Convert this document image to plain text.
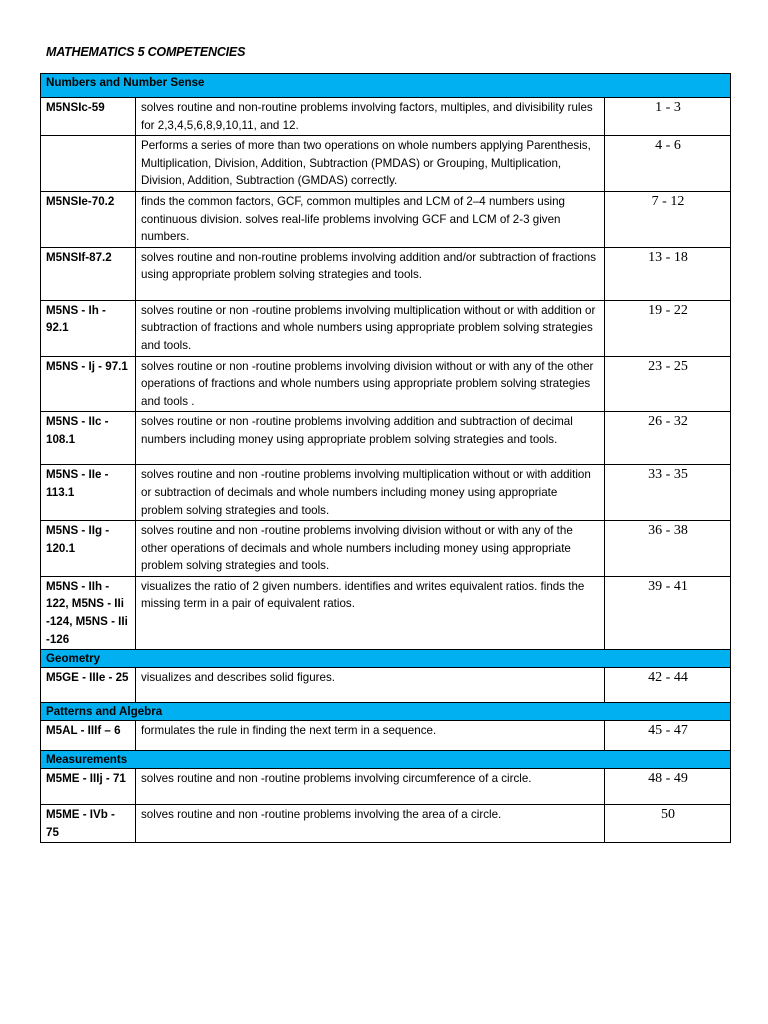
MATHEMATICS 5 COMPETENCIES
Numbers and Number Sense		
M5NSIc-59	solves routine and non-routine problems involving factors, multiples, and divisibility rules for 2,3,4,5,6,8,9,10,11, and 12.	1 - 3
	Performs a series of more than two operations on whole numbers applying Parenthesis, Multiplication, Division, Addition, Subtraction (PMDAS) or Grouping, Multiplication, Division, Addition, Subtraction (GMDAS) correctly.	4 - 6
M5NSIe-70.2	finds the common factors, GCF, common multiples and LCM of 2–4 numbers using continuous division. solves real-life problems involving GCF and LCM of 2-3 given numbers.	7 - 12
M5NSIf-87.2	solves routine and non-routine problems involving addition and/or subtraction of fractions using appropriate problem solving strategies and tools.	13 - 18
M5NS - Ih - 92.1	solves routine or non -routine problems involving multiplication without or with addition or subtraction of fractions and whole numbers using appropriate problem solving strategies and tools.	19 - 22
M5NS - Ij - 97.1	solves routine or non -routine problems involving division without or with any of the other operations of fractions and whole numbers using appropriate problem solving strategies and tools .	23 - 25
M5NS - IIc - 108.1	solves routine or non -routine problems involving addition and subtraction of decimal numbers including money using appropriate problem solving strategies and tools.	26 - 32
M5NS - IIe - 113.1	solves routine and non -routine problems involving multiplication without or with addition or subtraction of decimals and whole numbers including money using appropriate problem solving strategies and tools.	33 - 35
M5NS - IIg - 120.1	solves routine and non -routine problems involving division without or with any of the other operations of decimals and whole numbers including money using appropriate problem solving strategies and tools.	36 - 38
M5NS - IIh - 122, M5NS - IIi -124, M5NS - IIi -126	visualizes the ratio of 2 given numbers. identifies and writes equivalent ratios. finds the missing term in a pair of equivalent ratios.	39 - 41
Geometry		
M5GE - IIIe - 25	visualizes and describes solid figures.	42 - 44
Patterns and Algebra		
M5AL - IIIf – 6	formulates the rule in finding the next term in a sequence.	45 - 47
Measurements		
M5ME - IIIj - 71	solves routine and non -routine problems involving circumference of a circle.	48 - 49
M5ME - IVb - 75	solves routine and non -routine problems involving the area of a circle.	50
